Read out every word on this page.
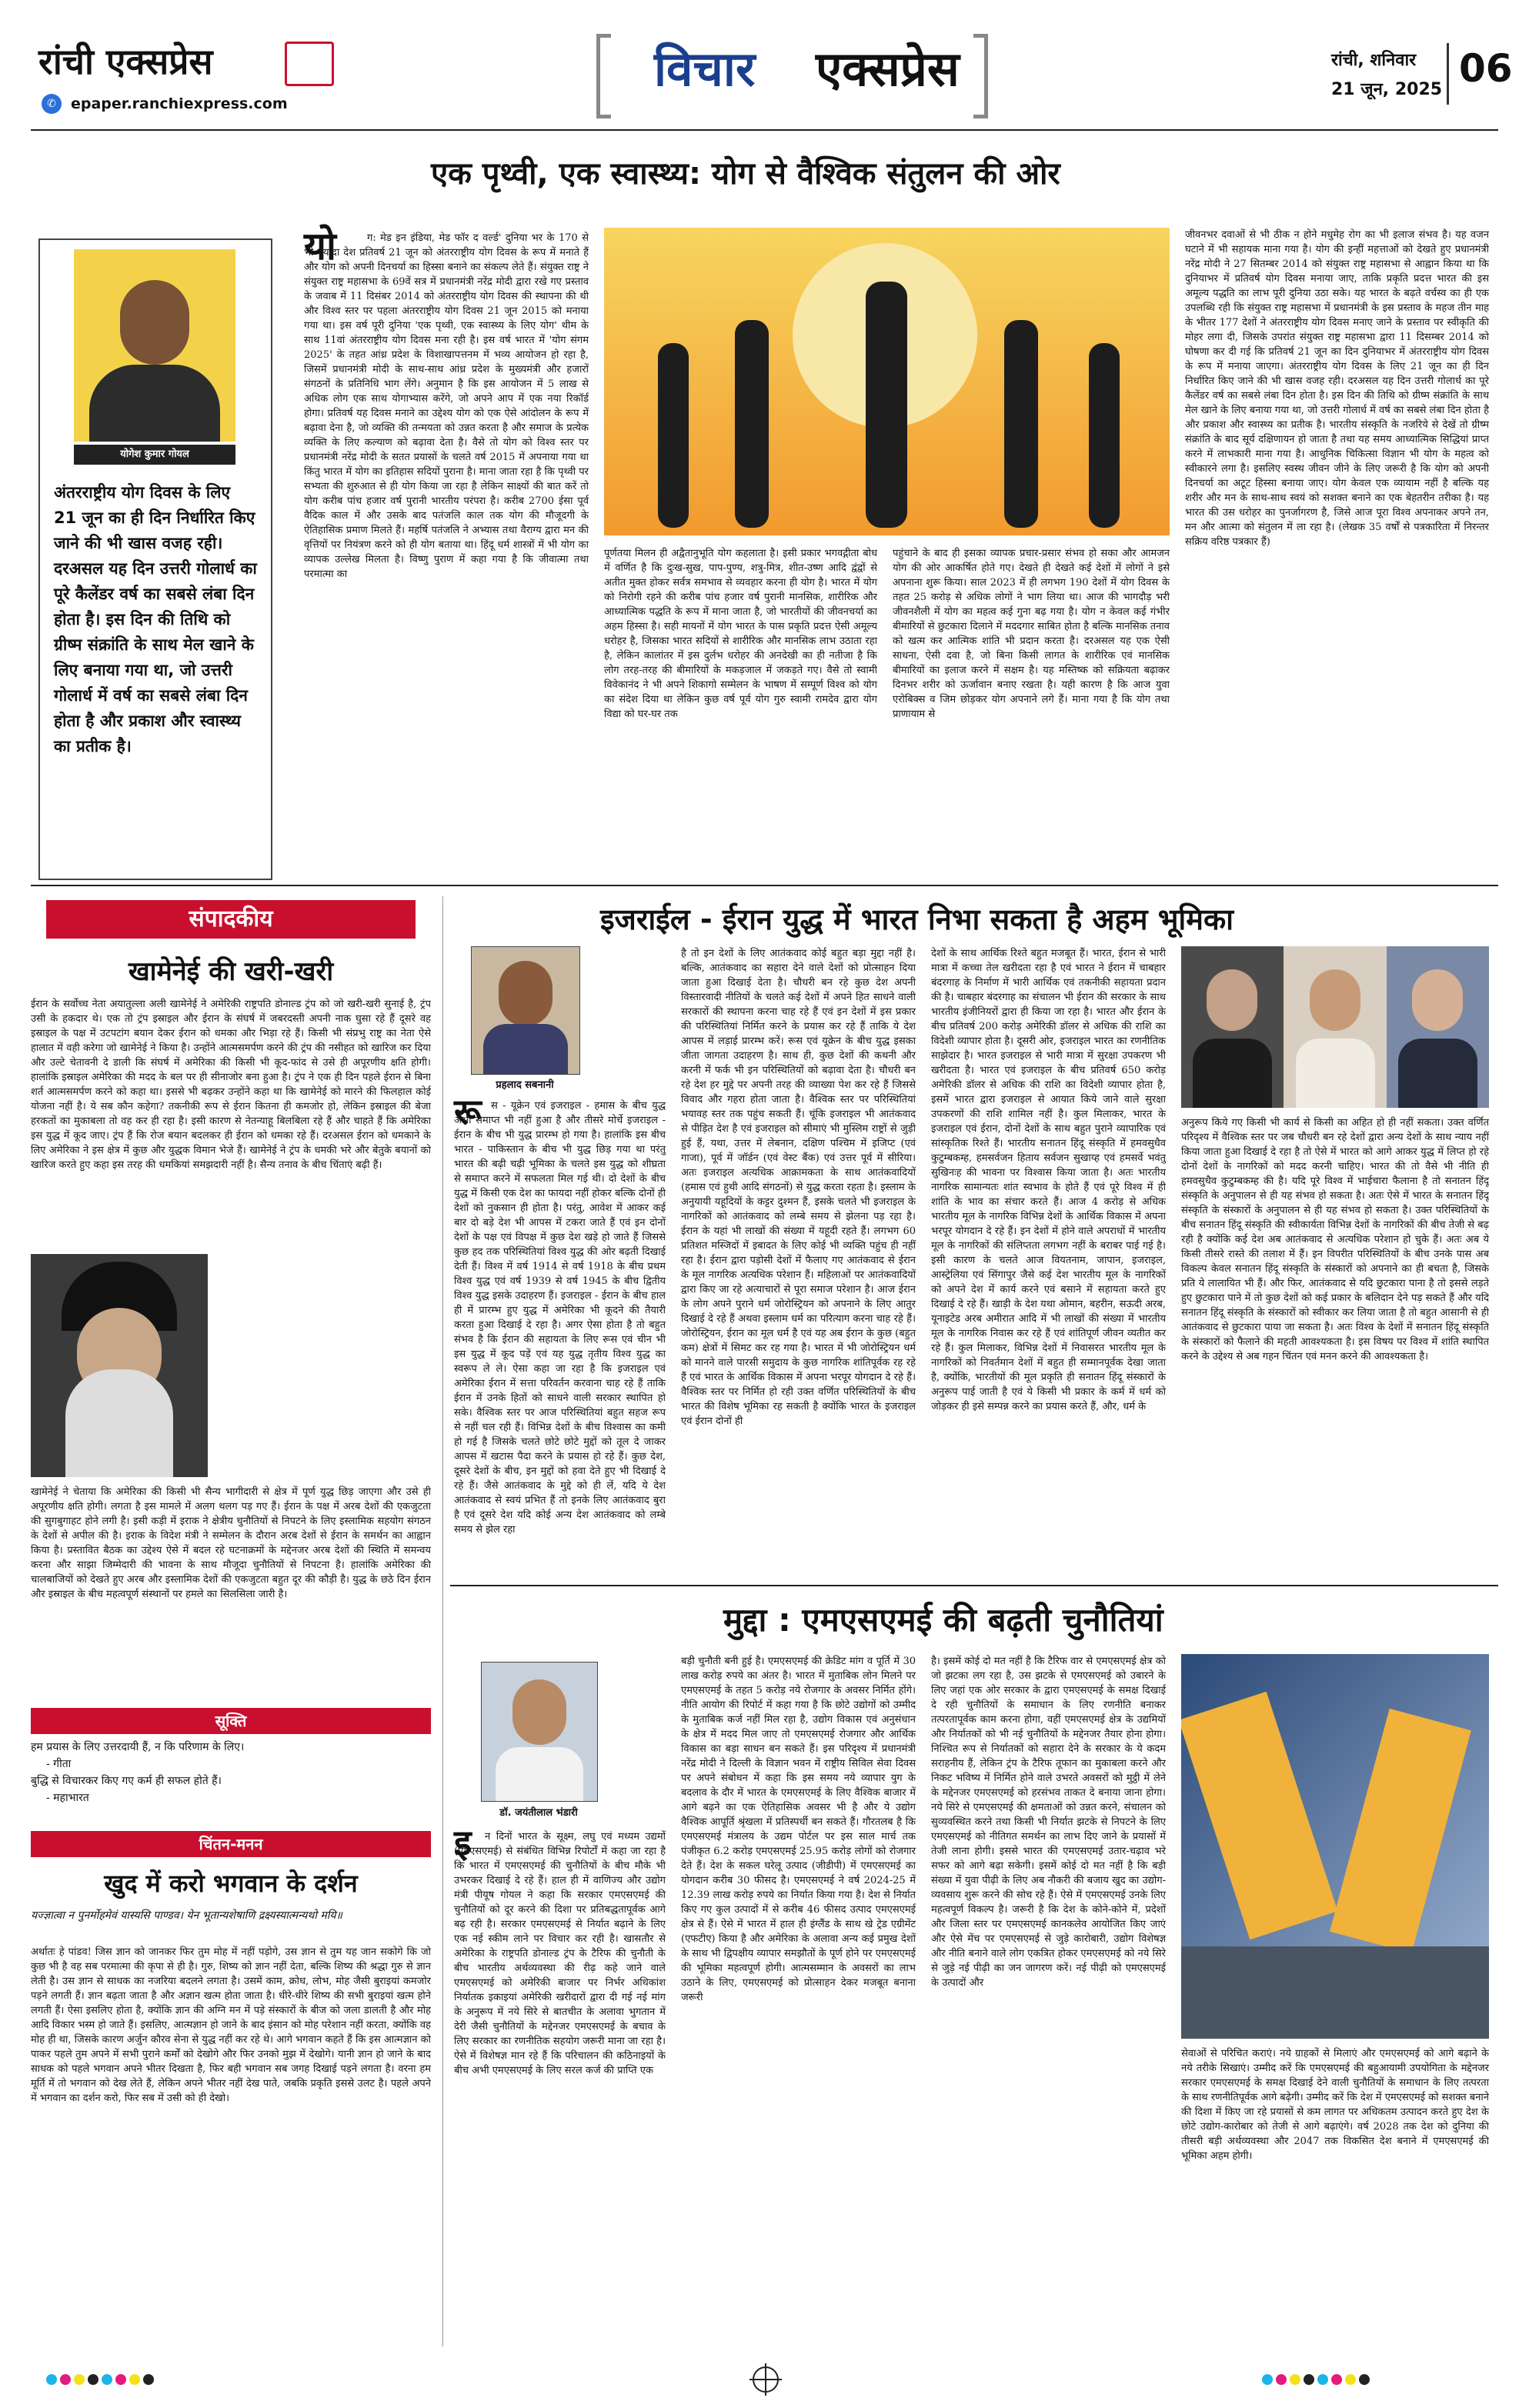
रांची एक्सप्रेस
✆	epaper.ranchiexpress.com
विचार एक्सप्रेस	रांची, शनिवार
21 जून, 2025 06
एक पृथ्वी, एक स्वास्थ्य: योग से वैश्विक संतुलन की ओर
योगेश कुमार गोयल
अंतरराष्ट्रीय योग दिवस के लिए 21 जून का ही दिन निर्धारित किए जाने की भी खास वजह रही। दरअसल यह दिन उत्तरी गोलार्ध का पूरे कैलेंडर वर्ष का सबसे लंबा दिन होता है। इस दिन की तिथि को ग्रीष्म संक्रांति के साथ मेल खाने के लिए बनाया गया था, जो उत्तरी गोलार्ध में वर्ष का सबसे लंबा दिन होता है और प्रकाश और स्वास्थ्य का प्रतीक है।
यो	ग: मेड इन इंडिया, मेड फॉर द वर्ल्ड' दुनिया भर के 170 से भी ज्यादा देश प्रतिवर्ष 21 जून को अंतरराष्ट्रीय योग दिवस के रूप में मनाते हैं और योग को अपनी दिनचर्या का हिस्सा बनाने का संकल्प लेते हैं। संयुक्त राष्ट्र ने संयुक्त राष्ट्र महासभा के 69वें सत्र में प्रधानमंत्री नरेंद्र मोदी द्वारा रखे गए प्रस्ताव के जवाब में 11 दिसंबर 2014 को अंतरराष्ट्रीय योग दिवस की स्थापना की थी और विश्व स्तर पर पहला अंतरराष्ट्रीय योग दिवस 21 जून 2015 को मनाया गया था। इस वर्ष पूरी दुनिया 'एक पृथ्वी, एक स्वास्थ्य के लिए योग' थीम के साथ 11वां अंतरराष्ट्रीय योग दिवस मना रही है। इस वर्ष भारत में 'योग संगम 2025' के तहत आंध्र प्रदेश के विशाखापत्तनम में भव्य आयोजन हो रहा है, जिसमें प्रधानमंत्री मोदी के साथ-साथ आंध्र प्रदेश के मुख्यमंत्री और हजारों संगठनों के प्रतिनिधि भाग लेंगे। अनुमान है कि इस आयोजन में 5 लाख से अधिक लोग एक साथ योगाभ्यास करेंगे, जो अपने आप में एक नया रिकॉर्ड होगा। प्रतिवर्ष यह दिवस मनाने का उद्देश्य योग को एक ऐसे आंदोलन के रूप में बढ़ावा देना है, जो व्यक्ति की तन्मयता को उन्नत करता है और समाज के प्रत्येक व्यक्ति के लिए कल्याण को बढ़ावा देता है। वैसे तो योग को विश्व स्तर पर प्रधानमंत्री नरेंद्र मोदी के सतत प्रयासों के चलते वर्ष 2015 में अपनाया गया था किंतु भारत में योग का इतिहास सदियों पुराना है। माना जाता रहा है कि पृथ्वी पर सभ्यता की शुरुआत से ही योग किया जा रहा है लेकिन साक्ष्यों की बात करें तो योग करीब पांच हजार वर्ष पुरानी भारतीय परंपरा है। करीब 2700 ईसा पूर्व वैदिक काल में और उसके बाद पतंजलि काल तक योग की मौजूदगी के ऐतिहासिक प्रमाण मिलते हैं। महर्षि पतंजलि ने अभ्यास तथा वैराग्य द्वारा मन की वृत्तियों पर नियंत्रण करने को ही योग बताया था। हिंदू धर्म शास्त्रों में भी योग का व्यापक उल्लेख मिलता है। विष्णु पुराण में कहा गया है कि जीवात्मा तथा परमात्मा का
पूर्णतया मिलन ही अद्वैतानुभूति योग कहलाता है। इसी प्रकार भगवद्गीता बोध में वर्णित है कि दुःख-सुख, पाप-पुण्य, शत्रु-मित्र, शीत-उष्ण आदि द्वंद्वों से अतीत मुक्त होकर सर्वत्र समभाव से व्यवहार करना ही योग है। भारत में योग को निरोगी रहने की करीब पांच हजार वर्ष पुरानी मानसिक, शारीरिक और आध्यात्मिक पद्धति के रूप में माना जाता है, जो भारतीयों की जीवनचर्या का अहम हिस्सा है। सही मायनों में योग भारत के पास प्रकृति प्रदत्त ऐसी अमूल्य धरोहर है, जिसका भारत सदियों से शारीरिक और मानसिक लाभ उठाता रहा है, लेकिन कालांतर में इस दुर्लभ धरोहर की अनदेखी का ही नतीजा है कि लोग तरह-तरह की बीमारियों के मकड़जाल में जकड़ते गए। वैसे तो स्वामी विवेकानंद ने भी अपने शिकागो सम्मेलन के भाषण में सम्पूर्ण विश्व को योग का संदेश दिया था लेकिन कुछ वर्ष पूर्व योग गुरु स्वामी रामदेव द्वारा योग विद्या को घर-घर तक
पहुंचाने के बाद ही इसका व्यापक प्रचार-प्रसार संभव हो सका और आमजन योग की ओर आकर्षित होते गए। देखते ही देखते कई देशों में लोगों ने इसे अपनाना शुरू किया। साल 2023 में ही लगभग 190 देशों में योग दिवस के तहत 25 करोड़ से अधिक लोगों ने भाग लिया था। आज की भागदौड़ भरी जीवनशैली में योग का महत्व कई गुना बढ़ गया है। योग न केवल कई गंभीर बीमारियों से छुटकारा दिलाने में मददगार साबित होता है बल्कि मानसिक तनाव को खत्म कर आत्मिक शांति भी प्रदान करता है। दरअसल यह एक ऐसी साधना, ऐसी दवा है, जो बिना किसी लागत के शारीरिक एवं मानसिक बीमारियों का इलाज करने में सक्षम है। यह मस्तिष्क को सक्रियता बढ़ाकर दिनभर शरीर को ऊर्जावान बनाए रखता है। यही कारण है कि आज युवा एरोबिक्स व जिम छोड़कर योग अपनाने लगे हैं। माना गया है कि योग तथा प्राणायाम से
जीवनभर दवाओं से भी ठीक न होने मधुमेह रोग का भी इलाज संभव है। यह वजन घटाने में भी सहायक माना गया है। योग की इन्हीं महत्ताओं को देखते हुए प्रधानमंत्री नरेंद्र मोदी ने 27 सितम्बर 2014 को संयुक्त राष्ट्र महासभा से आह्वान किया था कि दुनियाभर में प्रतिवर्ष योग दिवस मनाया जाए, ताकि प्रकृति प्रदत्त भारत की इस अमूल्य पद्धति का लाभ पूरी दुनिया उठा सके। यह भारत के बढ़ते वर्चस्व का ही एक उपलब्धि रही कि संयुक्त राष्ट्र महासभा में प्रधानमंत्री के इस प्रस्ताव के महज तीन माह के भीतर 177 देशों ने अंतरराष्ट्रीय योग दिवस मनाए जाने के प्रस्ताव पर स्वीकृति की मोहर लगा दी, जिसके उपरांत संयुक्त राष्ट्र महासभा द्वारा 11 दिसम्बर 2014 को घोषणा कर दी गई कि प्रतिवर्ष 21 जून का दिन दुनियाभर में अंतरराष्ट्रीय योग दिवस के रूप में मनाया जाएगा। अंतरराष्ट्रीय योग दिवस के लिए 21 जून का ही दिन निर्धारित किए जाने की भी खास वजह रही। दरअसल यह दिन उत्तरी गोलार्ध का पूरे कैलेंडर वर्ष का सबसे लंबा दिन होता है। इस दिन की तिथि को ग्रीष्म संक्रांति के साथ मेल खाने के लिए बनाया गया था, जो उत्तरी गोलार्ध में वर्ष का सबसे लंबा दिन होता है और प्रकाश और स्वास्थ्य का प्रतीक है। भारतीय संस्कृति के नजरिये से देखें तो ग्रीष्म संक्रांति के बाद सूर्य दक्षिणायन हो जाता है तथा यह समय आध्यात्मिक सिद्धियां प्राप्त करने में लाभकारी माना गया है। आधुनिक चिकित्सा विज्ञान भी योग के महत्व को स्वीकारने लगा है। इसलिए स्वस्थ जीवन जीने के लिए जरूरी है कि योग को अपनी दिनचर्या का अटूट हिस्सा बनाया जाए। योग केवल एक व्यायाम नहीं है बल्कि यह शरीर और मन के साथ-साथ स्वयं को सशक्त बनाने का एक बेहतरीन तरीका है। यह भारत की उस धरोहर का पुनर्जागरण है, जिसे आज पूरा विश्व अपनाकर अपने तन, मन और आत्मा को संतुलन में ला रहा है। (लेखक 35 वर्षों से पत्रकारिता में निरन्तर सक्रिय वरिष्ठ पत्रकार हैं)
संपादकीय
खामेनेई की खरी-खरी
ईरान के सर्वोच्च नेता अयातुल्ला अली खामेनेई ने अमेरिकी राष्ट्रपति डोनाल्ड ट्रंप को जो खरी-खरी सुनाई है, ट्रंप उसी के हकदार थे। एक तो ट्रंप इस्राइल और ईरान के संघर्ष में जबरदस्ती अपनी नाक घुसा रहे हैं दूसरे वह इस्राइल के पक्ष में उटपटांग बयान देकर ईरान को धमका और भिड़ा रहे हैं। किसी भी संप्रभु राष्ट्र का नेता ऐसे हालात में वही करेगा जो खामेनेई ने किया है। उन्होंने आत्मसमर्पण करने की ट्रंप की नसीहत को खारिज कर दिया और उल्टे चेतावनी दे डाली कि संघर्ष में अमेरिका की किसी भी कूद-फांद से उसे ही अपूरणीय क्षति होगी। हालांकि इस्राइल अमेरिका की मदद के बल पर ही सीनाजोर बना हुआ है। ट्रंप ने एक ही दिन पहले ईरान से बिना शर्त आत्मसमर्पण करने को कहा था। इससे भी बढ़कर उन्होंने कहा था कि खामेनेई को मारने की फिलहाल कोई योजना नहीं है। ये सब कौन कहेगा? तकनीकी रूप से ईरान कितना ही कमजोर हो, लेकिन इस्राइल की बेजा हरकतों का मुकाबला तो वह कर ही रहा है। इसी कारण से नेतन्याहू बिलबिला रहे हैं और चाहते हैं कि अमेरिका इस युद्ध में कूद जाए। ट्रंप हैं कि रोज बयान बदलकर ही ईरान को धमका रहे हैं। दरअसल ईरान को धमकाने के लिए अमेरिका ने इस क्षेत्र में कुछ और युद्धक विमान भेजे हैं। खामेनेई ने ट्रंप के धमकी भरे और बेतुके बयानों को खारिज करते हुए कहा इस तरह की धमकियां समझदारी नहीं है। सैन्य तनाव के बीच चिंताएं बढ़ी हैं।
खामेनेई ने चेताया कि अमेरिका की किसी भी सैन्य भागीदारी से क्षेत्र में पूर्ण युद्ध छिड़ जाएगा और उसे ही अपूरणीय क्षति होगी। लगता है इस मामले में अलग थलग पड़ गए हैं। ईरान के पक्ष में अरब देशों की एकजुटता की सुगबुगाहट होने लगी है। इसी कड़ी में इराक ने क्षेत्रीय चुनौतियों से निपटने के लिए इस्लामिक सहयोग संगठन के देशों से अपील की है। इराक के विदेश मंत्री ने सम्मेलन के दौरान अरब देशों से ईरान के समर्थन का आह्वान किया है। प्रस्तावित बैठक का उद्देश्य ऐसे में बदल रहे घटनाक्रमों के मद्देनजर अरब देशों की स्थिति में समन्वय करना और साझा जिम्मेदारी की भावना के साथ मौजूदा चुनौतियों से निपटना है। हालांकि अमेरिका की चालबाजियों को देखते हुए अरब और इस्लामिक देशों की एकजुटता बहुत दूर की कौड़ी है। युद्ध के छठे दिन ईरान और इस्राइल के बीच महत्वपूर्ण संस्थानों पर हमले का सिलसिला जारी है।
सूक्ति
हम प्रयास के लिए उत्तरदायी हैं, न कि परिणाम के लिए।
- गीता
बुद्धि से विचारकर किए गए कर्म ही सफल होते हैं।
- महाभारत
चिंतन-मनन
खुद में करो भगवान के दर्शन
यज्ज्ञात्वा न पुनर्मोहमेवं यास्यसि पाण्डव। येन भूतान्यशेषाणि द्रक्ष्यस्यात्मन्यथो मयि॥
अर्थातः हे पांडव! जिस ज्ञान को जानकर फिर तुम मोह में नहीं पड़ोगे, उस ज्ञान से तुम यह जान सकोगे कि जो कुछ भी है वह सब परमात्मा की कृपा से ही है। गुरु, शिष्य को ज्ञान नहीं देता, बल्कि शिष्य की श्रद्धा गुरु से ज्ञान लेती है। उस ज्ञान से साधक का नजरिया बदलने लगता है। उसमें काम, क्रोध, लोभ, मोह जैसी बुराइयां कमजोर पड़ने लगती हैं। ज्ञान बढ़ता जाता है और अज्ञान खत्म होता जाता है। धीरे-धीरे शिष्य की सभी बुराइयां खत्म होने लगती हैं। ऐसा इसलिए होता है, क्योंकि ज्ञान की अग्नि मन में पड़े संस्कारों के बीज को जला डालती है और मोह आदि विकार भस्म हो जाते हैं। इसलिए, आत्मज्ञान हो जाने के बाद इंसान को मोह परेशान नहीं करता, क्योंकि वह मोह ही था, जिसके कारण अर्जुन कौरव सेना से युद्ध नहीं कर रहे थे। आगे भगवान कहते हैं कि इस आत्मज्ञान को पाकर पहले तुम अपने में सभी पुराने कर्मों को देखोगे और फिर उनको मुझ में देखोगे। यानी ज्ञान हो जाने के बाद साधक को पहले भगवान अपने भीतर दिखता है, फिर बही भगवान सब जगह दिखाई पड़ने लगता है। वरना हम मूर्ति में तो भगवान को देख लेते हैं, लेकिन अपने भीतर नहीं देख पाते, जबकि प्रकृति इससे उलट है। पहले अपने में भगवान का दर्शन करो, फिर सब में उसी को ही देखो।
इजराईल - ईरान युद्ध में भारत निभा सकता है अहम भूमिका
प्रहलाद सबनानी
रू स - यूक्रेन एवं इजराइल - हमास के बीच युद्ध अभी समाप्त भी नहीं हुआ है और तीसरे मोर्चे इजराइल - ईरान के बीच भी युद्ध प्रारम्भ हो गया है। हालांकि इस बीच भारत - पाकिस्तान के बीच भी युद्ध छिड़ गया था परंतु भारत की बढ़ी चढ़ी भूमिका के चलते इस युद्ध को शीघ्रता से समाप्त करने में सफलता मिल गई थी। दो देशों के बीच युद्ध में किसी एक देश का फायदा नहीं होकर बल्कि दोनों ही देशों को नुकसान ही होता है। परंतु, आवेश में आकर कई बार दो बड़े देश भी आपस में टकरा जाते हैं एवं इन दोनों देशों के पक्ष एवं विपक्ष में कुछ देश खड़े हो जाते हैं जिससे कुछ हद तक परिस्थितियां विश्व युद्ध की ओर बढ़ती दिखाई देती हैं। विश्व में वर्ष 1914 से वर्ष 1918 के बीच प्रथम विश्व युद्ध एवं वर्ष 1939 से वर्ष 1945 के बीच द्वितीय विश्व युद्ध इसके उदाहरण हैं। इजराइल - ईरान के बीच हाल ही में प्रारम्भ हुए युद्ध में अमेरिका भी कूदने की तैयारी करता हुआ दिखाई दे रहा है। अगर ऐसा होता है तो बहुत संभव है कि ईरान की सहायता के लिए रूस एवं चीन भी इस युद्ध में कूद पड़ें एवं यह युद्ध तृतीय विश्व युद्ध का स्वरूप ले ले। ऐसा कहा जा रहा है कि इजराइल एवं अमेरिका ईरान में सत्ता परिवर्तन करवाना चाह रहे हैं ताकि ईरान में उनके हितों को साधने वाली सरकार स्थापित हो सके। वैश्विक स्तर पर आज परिस्थितियां बहुत सहज रूप से नहीं चल रही हैं। विभिन्न देशों के बीच विश्वास का कमी हो गई है जिसके चलते छोटे छोटे मुद्दों को तूल दे जाकर आपस में खटास पैदा करने के प्रयास हो रहे हैं। कुछ देश, दूसरे देशों के बीच, इन मुद्दों को हवा देते हुए भी दिखाई दे रहे हैं। जैसे आतंकवाद के मुद्दे को ही लें, यदि ये देश आतंकवाद से स्वयं प्रभित हैं तो इनके लिए आतंकवाद बुरा है एवं दूसरे देश यदि कोई अन्य देश आतंकवाद को लम्बे समय से झेल रहा
है तो इन देशों के लिए आतंकवाद कोई बहुत बड़ा मुद्दा नहीं है। बल्कि, आतंकवाद का सहारा देने वाले देशों को प्रोत्साहन दिया जाता हुआ दिखाई देता है। चौधरी बन रहे कुछ देश अपनी विस्तारवादी नीतियों के चलते कई देशों में अपने हित साधने वाली सरकारों की स्थापना करना चाह रहे हैं एवं इन देशों में इस प्रकार की परिस्थितियां निर्मित करने के प्रयास कर रहे हैं ताकि ये देश आपस में लड़ाई प्रारम्भ करें। रूस एवं यूक्रेन के बीच युद्ध इसका जीता जागता उदाहरण है। साथ ही, कुछ देशों की कथनी और करनी में फर्क भी इन परिस्थितियों को बढ़ावा देता है। चौधरी बन रहे देश हर मुद्दे पर अपनी तरह की व्याख्या पेश कर रहे हैं जिससे विवाद और गहरा होता जाता है। वैश्विक स्तर पर परिस्थितियां भयावह स्तर तक पहुंच सकती हैं। चूंकि इजराइल भी आतंकवाद से पीड़ित देश है एवं इजराइल को सीमाएं भी मुस्लिम राष्ट्रों से जुड़ी हुई हैं, यथा, उत्तर में लेबनान, दक्षिण पश्चिम में इजिप्ट (एवं गाजा), पूर्व में जॉर्डन (एवं वेस्ट बैंक) एवं उत्तर पूर्व में सीरिया। अतः इजराइल अत्यधिक आक्रामकता के साथ आतंकवादियों (हमास एवं हुथी आदि संगठनों) से युद्ध करता रहता है। इस्लाम के अनुयायी यहूदियों के कट्टर दुश्मन हैं, इसके चलते भी इजराइल के नागरिकों को आतंकवाद को लम्बे समय से झेलना पड़ रहा है। ईरान के यहां भी लाखों की संख्या में यहूदी रहते हैं। लगभग 60 प्रतिशत मस्जिदों में इबादत के लिए कोई भी व्यक्ति पहुंच ही नहीं रहा है। ईरान द्वारा पड़ोसी देशों में फैलाए गए आतंकवाद से ईरान के मूल नागरिक अत्यधिक परेशान हैं। महिलाओं पर आतंकवादियों द्वारा किए जा रहे अत्याचारों से पूरा समाज परेशान है। आज ईरान के लोग अपने पुराने धर्म जोरोस्ट्रियन को अपनाने के लिए आतुर दिखाई दे रहे हैं अथवा इस्लाम धर्म का परित्याग करना चाह रहे हैं। जोरोस्ट्रियन, ईरान का मूल धर्म है एवं यह अब ईरान के कुछ (बहुत कम) क्षेत्रों में सिमट कर रह गया है। भारत में भी जोरोस्ट्रियन धर्म को मानने वाले पारसी समुदाय के कुछ नागरिक शांतिपूर्वक रह रहे हैं एवं भारत के आर्थिक विकास में अपना भरपूर योगदान दे रहे हैं। वैश्विक स्तर पर निर्मित हो रही उक्त वर्णित परिस्थितियों के बीच भारत की विशेष भूमिका रह सकती है क्योंकि भारत के इजराइल एवं ईरान दोनों ही
देशों के साथ आर्थिक रिश्ते बहुत मजबूत हैं। भारत, ईरान से भारी मात्रा में कच्चा तेल खरीदता रहा है एवं भारत ने ईरान में चाबहार बंदरगाह के निर्माण में भारी आर्थिक एवं तकनीकी सहायता प्रदान की है। चाबहार बंदरगाह का संचालन भी ईरान की सरकार के साथ भारतीय इंजीनियरों द्वारा ही किया जा रहा है। भारत और ईरान के बीच प्रतिवर्ष 200 करोड़ अमेरिकी डॉलर से अधिक की राशि का विदेशी व्यापार होता है। दूसरी ओर, इजराइल भारत का रणनीतिक साझेदार है। भारत इजराइल से भारी मात्रा में सुरक्षा उपकरण भी खरीदता है। भारत एवं इजराइल के बीच प्रतिवर्ष 650 करोड़ अमेरिकी डॉलर से अधिक की राशि का विदेशी व्यापार होता है, इसमें भारत द्वारा इजराइल से आयात किये जाने वाले सुरक्षा उपकरणों की राशि शामिल नहीं है। कुल मिलाकर, भारत के इजराइल एवं ईरान, दोनों देशों के साथ बहुत पुराने व्यापारिक एवं सांस्कृतिक रिश्ते हैं। भारतीय सनातन हिंदू संस्कृति में हमवसुधैव कुटुम्बकम्ह, हमसर्वजन हिताय सर्वजन सुखाय्ह एवं हमसर्वे भवंतु सुखिनःह की भावना पर विश्वास किया जाता है। अतः भारतीय नागरिक सामान्यतः शांत स्वभाव के होते हैं एवं पूरे विश्व में ही शांति के भाव का संचार करते हैं। आज 4 करोड़ से अधिक भारतीय मूल के नागरिक विभिन्न देशों के आर्थिक विकास में अपना भरपूर योगदान दे रहे हैं। इन देशों में होने वाले अपराधों में भारतीय मूल के नागरिकों की संलिप्तता लगभग नहीं के बराबर पाई गई है। इसी कारण के चलते आज वियतनाम, जापान, इजराइल, आस्ट्रेलिया एवं सिंगापुर जैसे कई देश भारतीय मूल के नागरिकों को अपने देश में कार्य करने एवं बसाने में सहायता करते हुए दिखाई दे रहे हैं। खाड़ी के देश यथा ओमान, बहरीन, सऊदी अरब, यूनाइटेड अरब अमीरात आदि में भी लाखों की संख्या में भारतीय मूल के नागरिक निवास कर रहे हैं एवं शांतिपूर्ण जीवन व्यतीत कर रहे हैं। कुल मिलाकर, विभिन्न देशों में निवासरत भारतीय मूल के नागरिकों को निवर्तमान देशों में बहुत ही सम्मानपूर्वक देखा जाता है, क्योंकि, भारतीयों की मूल प्रकृति ही सनातन हिंदू संस्कारों के अनुरूप पाई जाती है एवं ये किसी भी प्रकार के कर्म में धर्म को जोड़कर ही इसे सम्पन्न करने का प्रयास करते हैं, और, धर्म के
अनुरूप किये गए किसी भी कार्य से किसी का अहित हो ही नहीं सकता। उक्त वर्णित परिदृश्य में वैश्विक स्तर पर जब चौधरी बन रहे देशों द्वारा अन्य देशों के साथ न्याय नहीं किया जाता हुआ दिखाई दे रहा है तो ऐसे में भारत को आगे आकर युद्ध में लिप्त हो रहे दोनों देशों के नागरिकों को मदद करनी चाहिए। भारत की तो वैसे भी नीति ही हमवसुधैव कुटुम्बकम्ह की है। यदि पूरे विश्व में भाईचारा फैलाना है तो सनातन हिंदू संस्कृति के अनुपालन से ही यह संभव हो सकता है। अतः ऐसे में भारत के सनातन हिंदू संस्कृति के संस्कारों के अनुपालन से ही यह संभव हो सकता है। उक्त परिस्थितियों के बीच सनातन हिंदू संस्कृति की स्वीकार्यता विभिन्न देशों के नागरिकों की बीच तेजी से बढ़ रही है क्योंकि कई देश अब आतंकवाद से अत्यधिक परेशान हो चुके हैं। अतः अब ये किसी तीसरे रास्ते की तलाश में हैं। इन विपरीत परिस्थितियों के बीच उनके पास अब विकल्प केवल सनातन हिंदू संस्कृति के संस्कारों को अपनाने का ही बचता है, जिसके प्रति ये लालायित भी हैं। और फिर, आतंकवाद से यदि छुटकारा पाना है तो इससे लड़ते हुए छुटकारा पाने में तो कुछ देशों को कई प्रकार के बलिदान देने पड़ सकते हैं और यदि सनातन हिंदू संस्कृति के संस्कारों को स्वीकार कर लिया जाता है तो बहुत आसानी से ही आतंकवाद से छुटकारा पाया जा सकता है। अतः विश्व के देशों में सनातन हिंदू संस्कृति के संस्कारों को फैलाने की महती आवश्यकता है। इस विषय पर विश्व में शांति स्थापित करने के उद्देश्य से अब गहन चिंतन एवं मनन करने की आवश्यकता है।
मुद्दा : एमएसएमई की बढ़ती चुनौतियां
डॉ. जयंतीलाल भंडारी
इ	न दिनों भारत के सूक्ष्म, लघु एवं मध्यम उद्यमों (एमएसएमई) से संबंधित विभिन्न रिपोर्टों में कहा जा रहा है कि भारत में एमएसएमई की चुनौतियों के बीच मौके भी उभरकर दिखाई दे रहे हैं। हाल ही में वाणिज्य और उद्योग मंत्री पीयूष गोयल ने कहा कि सरकार एमएसएमई की चुनौतियों को दूर करने की दिशा पर प्रतिबद्धतापूर्वक आगे बढ़ रही है। सरकार एमएसएमई से निर्यात बढ़ाने के लिए एक नई स्कीम लाने पर विचार कर रही है। खासतौर से अमेरिका के राष्ट्रपति डोनाल्ड ट्रंप के टैरिफ की चुनौती के बीच भारतीय अर्थव्यवस्था की रीढ़ कहे जाने वाले एमएसएमई को अमेरिकी बाजार पर निर्भर अधिकांश निर्यातक इकाइयां अमेरिकी खरीदारों द्वारा दी गई नई मांग के अनुरूप में नये सिरे से बातचीत के अलावा भुगतान में देरी जैसी चुनौतियों के मद्देनजर एमएसएमई के बचाव के लिए सरकार का रणनीतिक सहयोग जरूरी माना जा रहा है। ऐसे में विशेषज्ञ मान रहे हैं कि परिचालन की कठिनाइयों के बीच अभी एमएसएमई के लिए सरल कर्ज की प्राप्ति एक
बड़ी चुनौती बनी हुई है। एमएसएमई की क्रेडिट मांग व पूर्ति में 30 लाख करोड़ रुपये का अंतर है। भारत में मुताबिक लोन मिलने पर एमएसएमई के तहत 5 करोड़ नये रोजगार के अवसर निर्मित होंगे। नीति आयोग की रिपोर्ट में कहा गया है कि छोटे उद्योगों को उम्मीद के मुताबिक कर्ज नहीं मिल रहा है, उद्योग विकास एवं अनुसंधान के क्षेत्र में मदद मिल जाए तो एमएसएमई रोजगार और आर्थिक विकास का बड़ा साधन बन सकते हैं। इस परिदृश्य में प्रधानमंत्री नरेंद्र मोदी ने दिल्ली के विज्ञान भवन में राष्ट्रीय सिविल सेवा दिवस पर अपने संबोधन में कहा कि इस समय नये व्यापार युग के बदलाव के दौर में भारत के एमएसएमई के लिए वैश्विक बाजार में आगे बढ़ने का एक ऐतिहासिक अवसर भी है और ये उद्योग वैश्विक आपूर्ति श्रृंखला में प्रतिस्पर्धी बन सकते हैं। गौरतलब है कि एमएसएमई मंत्रालय के उद्यम पोर्टल पर इस साल मार्च तक पंजीकृत 6.2 करोड़ एमएसएमई 25.95 करोड़ लोगों को रोजगार देते हैं। देश के सकल घरेलू उत्पाद (जीडीपी) में एमएसएमई का योगदान करीब 30 फीसद है। एमएसएमई ने वर्ष 2024-25 में 12.39 लाख करोड़ रुपये का निर्यात किया गया है। देश से निर्यात किए गए कुल उत्पादों में से करीब 46 फीसद उत्पाद एमएसएमई क्षेत्र से हैं। ऐसे में भारत में हाल ही इंग्लैंड के साथ खे ट्रेड एग्रीमेंट (एफटीए) किया है और अमेरिका के अलावा अन्य कई प्रमुख देशों के साथ भी द्विपक्षीय व्यापार समझौतों के पूर्ण होने पर एमएसएमई की भूमिका महत्वपूर्ण होगी। आत्मसम्मान के अवसरों का लाभ उठाने के लिए, एमएसएमई को प्रोत्साहन देकर मजबूत बनाना जरूरी
है। इसमें कोई दो मत नहीं है कि टैरिफ वार से एमएसएमई क्षेत्र को जो झटका लग रहा है, उस झटके से एमएसएमई को उबारने के लिए जहां एक ओर सरकार के द्वारा एमएसएमई के समक्ष दिखाई दे रही चुनौतियों के समाधान के लिए रणनीति बनाकर तत्परतापूर्वक काम करना होगा, वहीं एमएसएमई क्षेत्र के उद्यमियों और निर्यातकों को भी नई चुनौतियों के मद्देनजर तैयार होना होगा। निश्चित रूप से निर्यातकों को सहारा देने के सरकार के ये कदम सराहनीय हैं, लेकिन ट्रंप के टैरिफ तूफान का मुकाबला करने और निकट भविष्य में निर्मित होने वाले उभरते अवसरों को मुट्ठी में लेने के मद्देनजर एमएसएमई को हरसंभव ताकत दे बनाया जाना होगा। नये सिरे से एमएसएमई की क्षमताओं को उन्नत करने, संचालन को सुव्यवस्थित करने तथा किसी भी निर्यात झटके से निपटने के लिए एमएसएमई को नीतिगत समर्थन का लाभ दिए जाने के प्रयासों में तेजी लाना होगी। इससे भारत की एमएसएमई उतार-चढ़ाव भरे सफर को आगे बढ़ा सकेगी। इसमें कोई दो मत नहीं है कि बड़ी संख्या में युवा पीढ़ी के लिए अब नौकरी की बजाय खुद का उद्योग-व्यवसाय शुरू करने की सोच रहे हैं। ऐसे में एमएसएमई उनके लिए महत्वपूर्ण विकल्प है। जरूरी है कि देश के कोने-कोने में, प्रदेशों और जिला स्तर पर एमएसएमई कानकलेव आयोजित किए जाएं और ऐसे मेंच पर एमएसएमई से जुड़े कारोबारी, उद्योग विशेषज्ञ और नीति बनाने वाले लोग एकत्रित होकर एमएसएमई को नये सिरे से जुड़े नई पीढ़ी का जन जागरण करें। नई पीढ़ी को एमएसएमई के उत्पादों और
सेवाओं से परिचित कराएं। नये ग्राहकों से मिलाएं और एमएसएमई को आगे बढ़ाने के नये तरीके सिखाएं। उम्मीद करें कि एमएसएमई की बहुआयामी उपयोगिता के मद्देनजर सरकार एमएसएमई के समक्ष दिखाई देने वाली चुनौतियों के समाधान के लिए तत्परता के साथ रणनीतिपूर्वक आगे बढ़ेगी। उम्मीद करें कि देश में एमएसएमई को सशक्त बनाने की दिशा में किए जा रहे प्रयासों से कम लागत पर अधिकतम उत्पादन करते हुए देश के छोटे उद्योग-कारोबार को तेजी से आगे बढ़ाएंगे। वर्ष 2028 तक देश को दुनिया की तीसरी बड़ी अर्थव्यवस्था और 2047 तक विकसित देश बनाने में एमएसएमई की भूमिका अहम होगी।
